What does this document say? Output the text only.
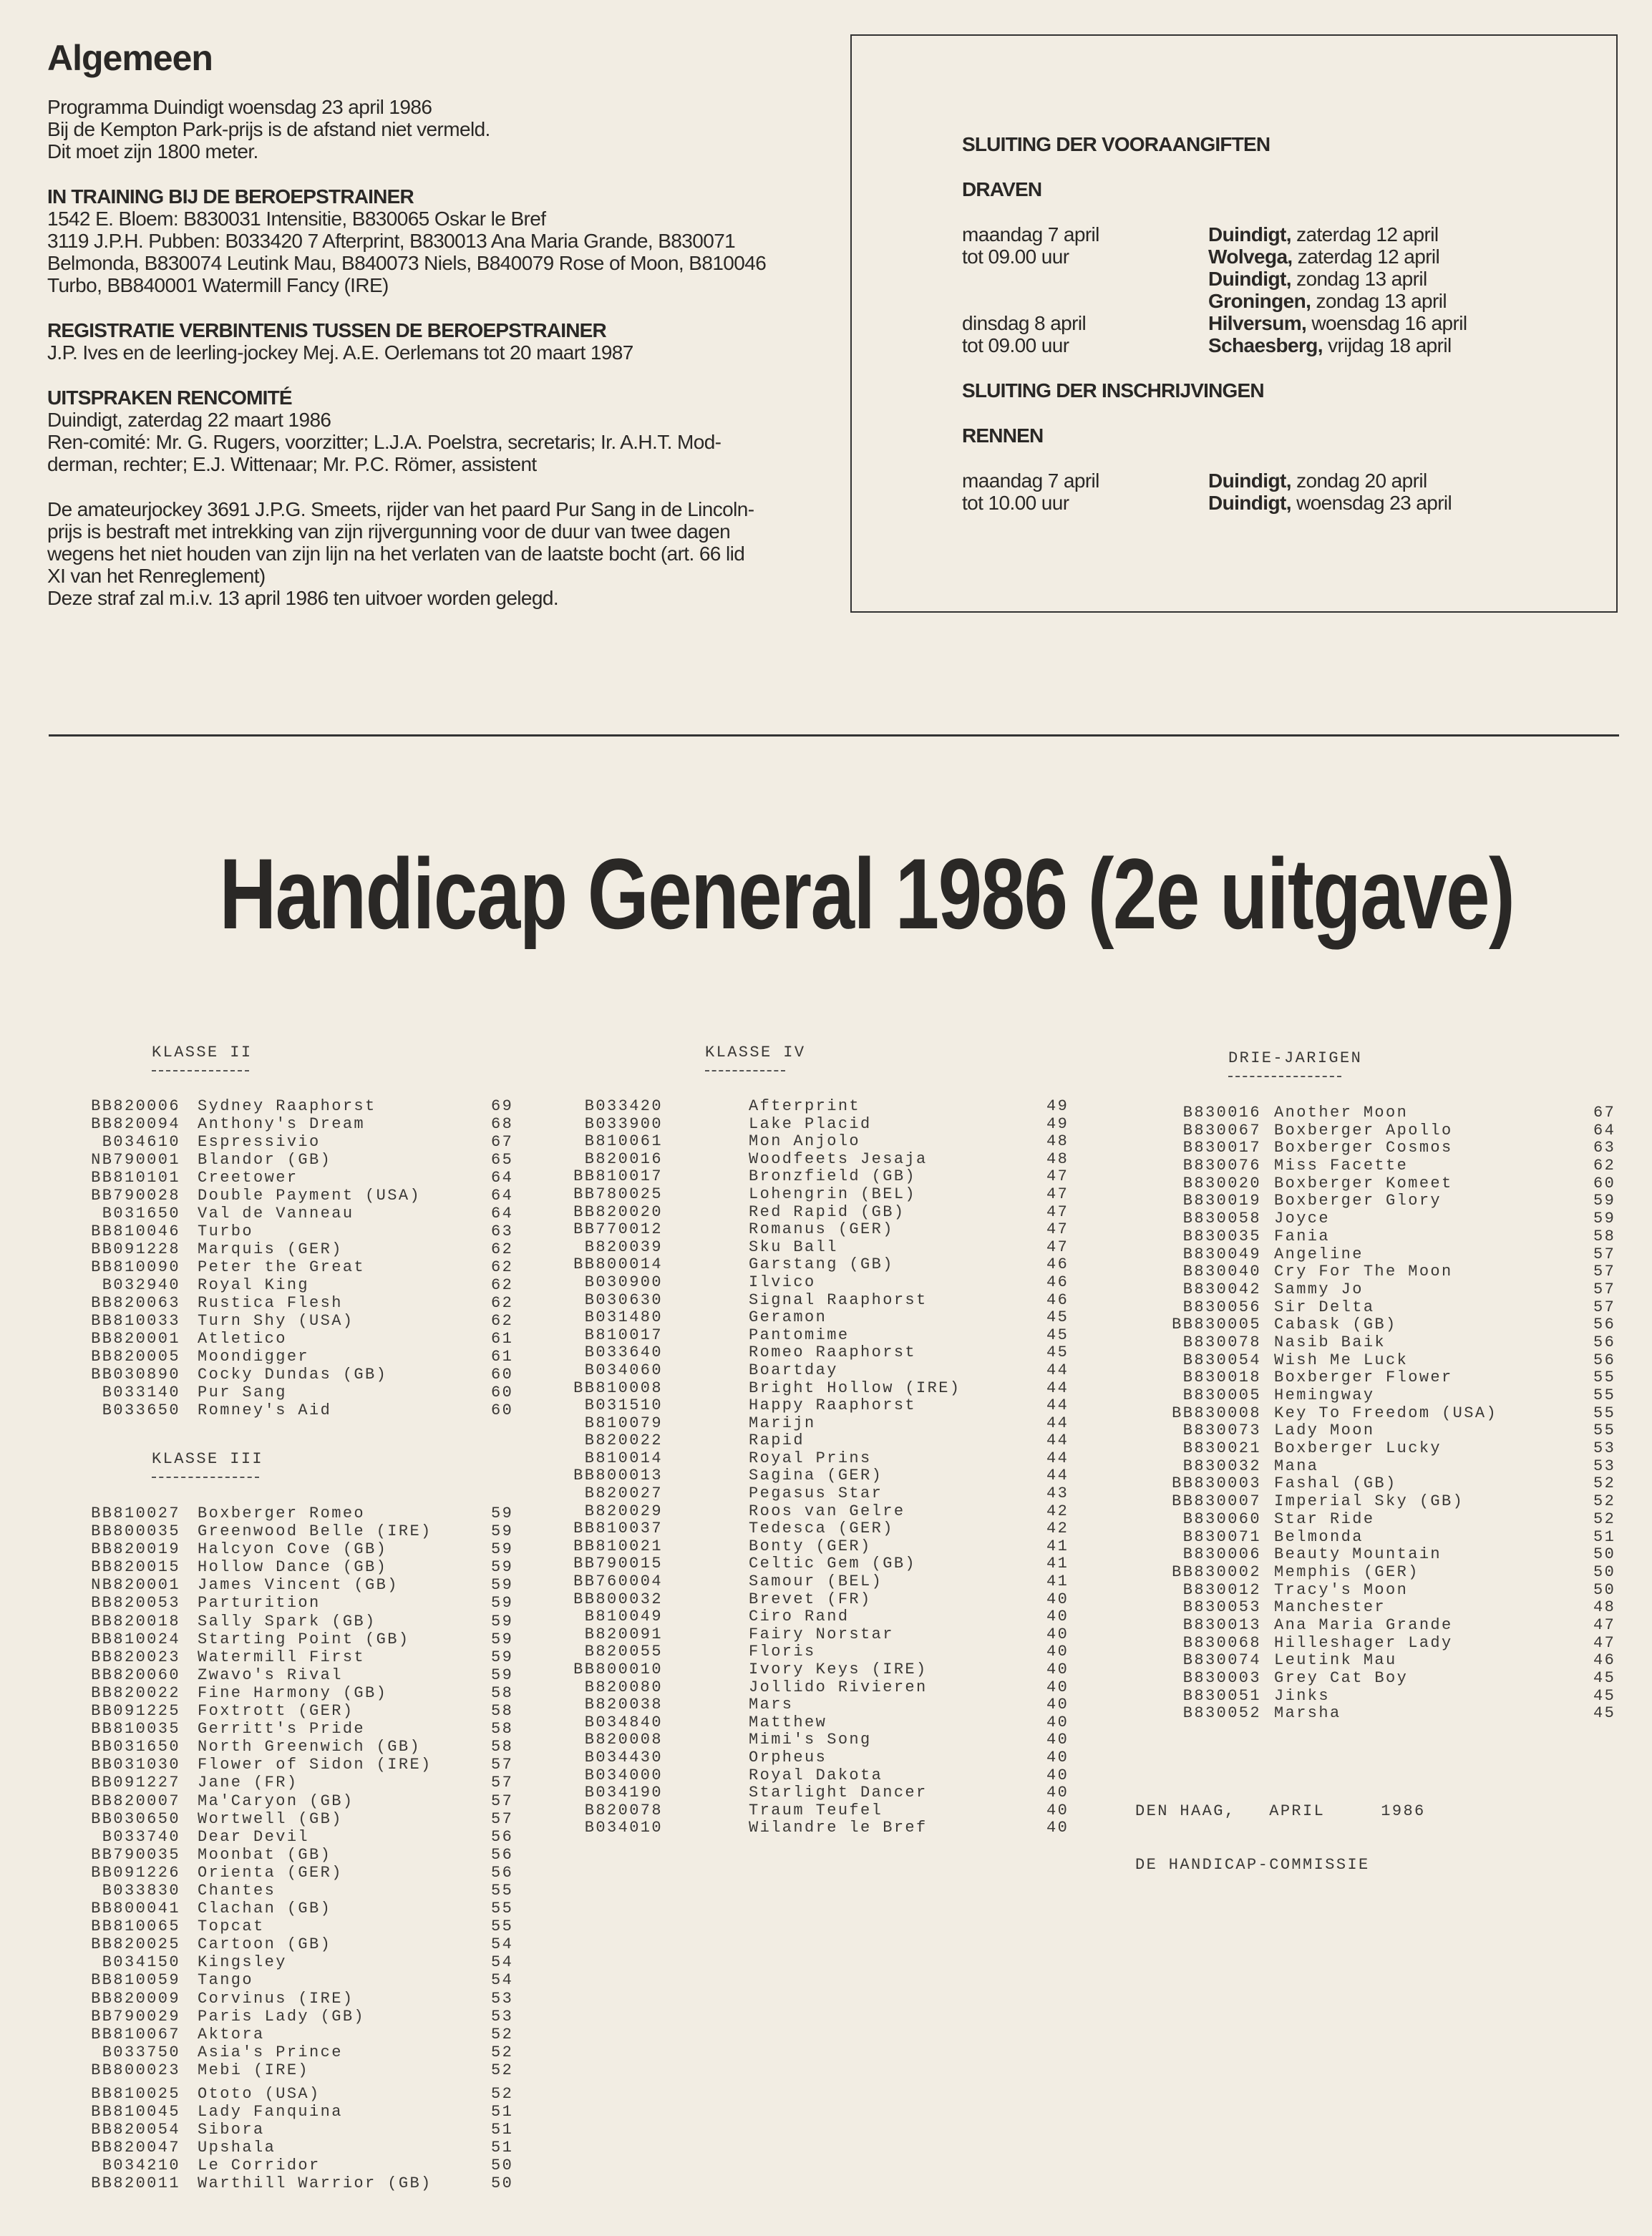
Algemeen
Programma Duindigt woensdag 23 april 1986
Bij de Kempton Park-prijs is de afstand niet vermeld.
Dit moet zijn 1800 meter.
IN TRAINING BIJ DE BEROEPSTRAINER
1542 E. Bloem: B830031 Intensitie, B830065 Oskar le Bref
3119 J.P.H. Pubben: B033420 7 Afterprint, B830013 Ana Maria Grande, B830071
Belmonda, B830074 Leutink Mau, B840073 Niels, B840079 Rose of Moon, B810046
Turbo, BB840001 Watermill Fancy (IRE)
REGISTRATIE VERBINTENIS TUSSEN DE BEROEPSTRAINER
J.P. Ives en de leerling-jockey Mej. A.E. Oerlemans tot 20 maart 1987
UITSPRAKEN RENCOMITÉ
Duindigt, zaterdag 22 maart 1986
Ren-comité: Mr. G. Rugers, voorzitter; L.J.A. Poelstra, secretaris; Ir. A.H.T. Mod-
derman, rechter; E.J. Wittenaar; Mr. P.C. Römer, assistent
De amateurjockey 3691 J.P.G. Smeets, rijder van het paard Pur Sang in de Lincoln-
prijs is bestraft met intrekking van zijn rijvergunning voor de duur van twee dagen
wegens het niet houden van zijn lijn na het verlaten van de laatste bocht (art. 66 lid
XI van het Renreglement)
Deze straf zal m.i.v. 13 april 1986 ten uitvoer worden gelegd.
SLUITING DER VOORAANGIFTEN
DRAVEN
maandag 7 april	Duindigt, zaterdag 12 april
tot 09.00 uur	Wolvega, zaterdag 12 april
Duindigt, zondag 13 april
Groningen, zondag 13 april
dinsdag 8 april	Hilversum, woensdag 16 april
tot 09.00 uur	Schaesberg, vrijdag 18 april
SLUITING DER INSCHRIJVINGEN
RENNEN
maandag 7 april	Duindigt, zondag 20 april
tot 10.00 uur	Duindigt, woensdag 23 april
Handicap General 1986 (2e uitgave)
KLASSE II
BB820006 Sydney Raaphorst	69
BB820094 Anthony's Dream	68
B034610 Espressivio	67
NB790001 Blandor (GB)	65
BB810101 Creetower	64
BB790028 Double Payment (USA)	64
B031650 Val de Vanneau	64
BB810046 Turbo	63
BB091228 Marquis (GER)	62
BB810090 Peter the Great	62
B032940 Royal King	62
BB820063 Rustica Flesh	62
BB810033 Turn Shy (USA)	62
BB820001 Atletico	61
BB820005 Moondigger	61
BB030890 Cocky Dundas (GB)	60
B033140 Pur Sang	60
B033650 Romney's Aid	60
KLASSE III
BB810027 Boxberger Romeo	59
BB800035 Greenwood Belle (IRE)	59
BB820019 Halcyon Cove (GB)	59
BB820015 Hollow Dance (GB)	59
NB820001 James Vincent (GB)	59
BB820053 Parturition	59
BB820018 Sally Spark (GB)	59
BB810024 Starting Point (GB)	59
BB820023 Watermill First	59
BB820060 Zwavo's Rival	59
BB820022 Fine Harmony (GB)	58
BB091225 Foxtrott (GER)	58
BB810035 Gerritt's Pride	58
BB031650 North Greenwich (GB)	58
BB031030 Flower of Sidon (IRE)	57
BB091227 Jane (FR)	57
BB820007 Ma'Caryon (GB)	57
BB030650 Wortwell (GB)	57
B033740 Dear Devil	56
BB790035 Moonbat (GB)	56
BB091226 Orienta (GER)	56
B033830 Chantes	55
BB800041 Clachan (GB)	55
BB810065 Topcat	55
BB820025 Cartoon (GB)	54
B034150 Kingsley	54
BB810059 Tango	54
BB820009 Corvinus (IRE)	53
BB790029 Paris Lady (GB)	53
BB810067 Aktora	52
B033750 Asia's Prince	52
BB800023 Mebi (IRE)	52
BB810025 Ototo (USA)	52
BB810045 Lady Fanquina	51
BB820054 Sibora	51
BB820047 Upshala	51
B034210 Le Corridor	50
BB820011 Warthill Warrior (GB)	50
KLASSE IV
B033420	Afterprint	49
B033900	Lake Placid	49
B810061	Mon Anjolo	48
B820016	Woodfeets Jesaja	48
BB810017	Bronzfield (GB)	47
BB780025	Lohengrin (BEL)	47
BB820020	Red Rapid (GB)	47
BB770012	Romanus (GER)	47
B820039	Sku Ball	47
BB800014	Garstang (GB)	46
B030900	Ilvico	46
B030630	Signal Raaphorst	46
B031480	Geramon	45
B810017	Pantomime	45
B033640	Romeo Raaphorst	45
B034060	Boartday	44
BB810008	Bright Hollow (IRE)	44
B031510	Happy Raaphorst	44
B810079	Marijn	44
B820022	Rapid	44
B810014	Royal Prins	44
BB800013	Sagina (GER)	44
B820027	Pegasus Star	43
B820029	Roos van Gelre	42
BB810037	Tedesca (GER)	42
BB810021	Bonty (GER)	41
BB790015	Celtic Gem (GB)	41
BB760004	Samour (BEL)	41
BB800032	Brevet (FR)	40
B810049	Ciro Rand	40
B820091	Fairy Norstar	40
B820055	Floris	40
BB800010	Ivory Keys (IRE)	40
B820080	Jollido Rivieren	40
B820038	Mars	40
B034840	Matthew	40
B820008	Mimi's Song	40
B034430	Orpheus	40
B034000	Royal Dakota	40
B034190	Starlight Dancer	40
B820078	Traum Teufel	40
B034010	Wilandre le Bref	40
DRIE-JARIGEN
B830016 Another Moon	67
B830067 Boxberger Apollo	64
B830017 Boxberger Cosmos	63
B830076 Miss Facette	62
B830020 Boxberger Komeet	60
B830019 Boxberger Glory	59
B830058 Joyce	59
B830035 Fania	58
B830049 Angeline	57
B830040 Cry For The Moon	57
B830042 Sammy Jo	57
B830056 Sir Delta	57
BB830005 Cabask (GB)	56
B830078 Nasib Baik	56
B830054 Wish Me Luck	56
B830018 Boxberger Flower	55
B830005 Hemingway	55
BB830008 Key To Freedom (USA)	55
B830073 Lady Moon	55
B830021 Boxberger Lucky	53
B830032 Mana	53
BB830003 Fashal (GB)	52
BB830007 Imperial Sky (GB)	52
B830060 Star Ride	52
B830071 Belmonda	51
B830006 Beauty Mountain	50
BB830002 Memphis (GER)	50
B830012 Tracy's Moon	50
B830053 Manchester	48
B830013 Ana Maria Grande	47
B830068 Hilleshager Lady	47
B830074 Leutink Mau	46
B830003 Grey Cat Boy	45
B830051 Jinks	45
B830052 Marsha	45

DEN HAAG,   APRIL     1986

DE HANDICAP-COMMISSIE
